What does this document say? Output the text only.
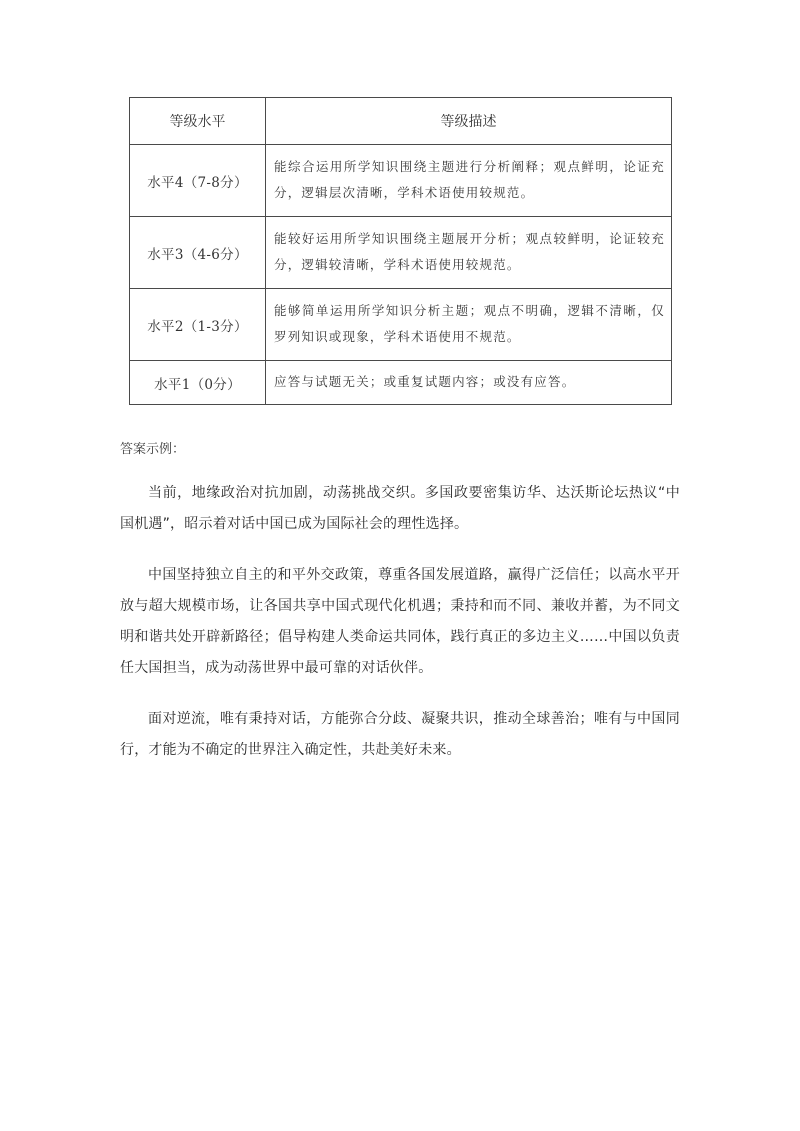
等级水平	等级描述
水平4（7-8分）	能综合运用所学知识围绕主题进行分析阐释；观点鲜明，论证充分，逻辑层次清晰，学科术语使用较规范。
水平3（4-6分）	能较好运用所学知识围绕主题展开分析；观点较鲜明，论证较充分，逻辑较清晰，学科术语使用较规范。
水平2（1-3分）	能够简单运用所学知识分析主题；观点不明确，逻辑不清晰，仅罗列知识或现象，学科术语使用不规范。
水平1（0分）	应答与试题无关；或重复试题内容；或没有应答。
答案示例：

当前，地缘政治对抗加剧，动荡挑战交织。多国政要密集访华、达沃斯论坛热议“中国机遇”，昭示着对话中国已成为国际社会的理性选择。

中国坚持独立自主的和平外交政策，尊重各国发展道路，赢得广泛信任；以高水平开放与超大规模市场，让各国共享中国式现代化机遇；秉持和而不同、兼收并蓄，为不同文明和谐共处开辟新路径；倡导构建人类命运共同体，践行真正的多边主义……中国以负责任大国担当，成为动荡世界中最可靠的对话伙伴。

面对逆流，唯有秉持对话，方能弥合分歧、凝聚共识，推动全球善治；唯有与中国同行，才能为不确定的世界注入确定性，共赴美好未来。
